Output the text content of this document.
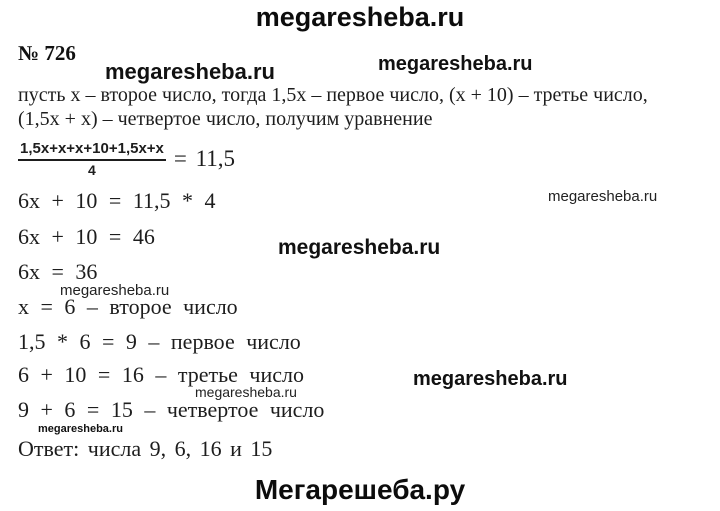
megaresheba.ru
№ 726
megaresheba.ru	megaresheba.ru
пусть x – второе число, тогда 1,5x – первое число, (x + 10) – третье число,
(1,5x + x) – четвертое число, получим уравнение
$\frac{1,5x+x+x+10+1,5x+x}{4} = 11,5$
megaresheba.ru
6x + 10 = 11,5 * 4
6x + 10 = 46	megaresheba.ru
6x = 36
megaresheba.ru
x = 6 – второе число
1,5 * 6 = 9 – первое число
6 + 10 = 16 – третье число	megaresheba.ru
megaresheba.ru
9 + 6 = 15 – четвертое число
megaresheba.ru
Ответ: числа 9, 6, 16 и 15
Мегарешеба.ру
